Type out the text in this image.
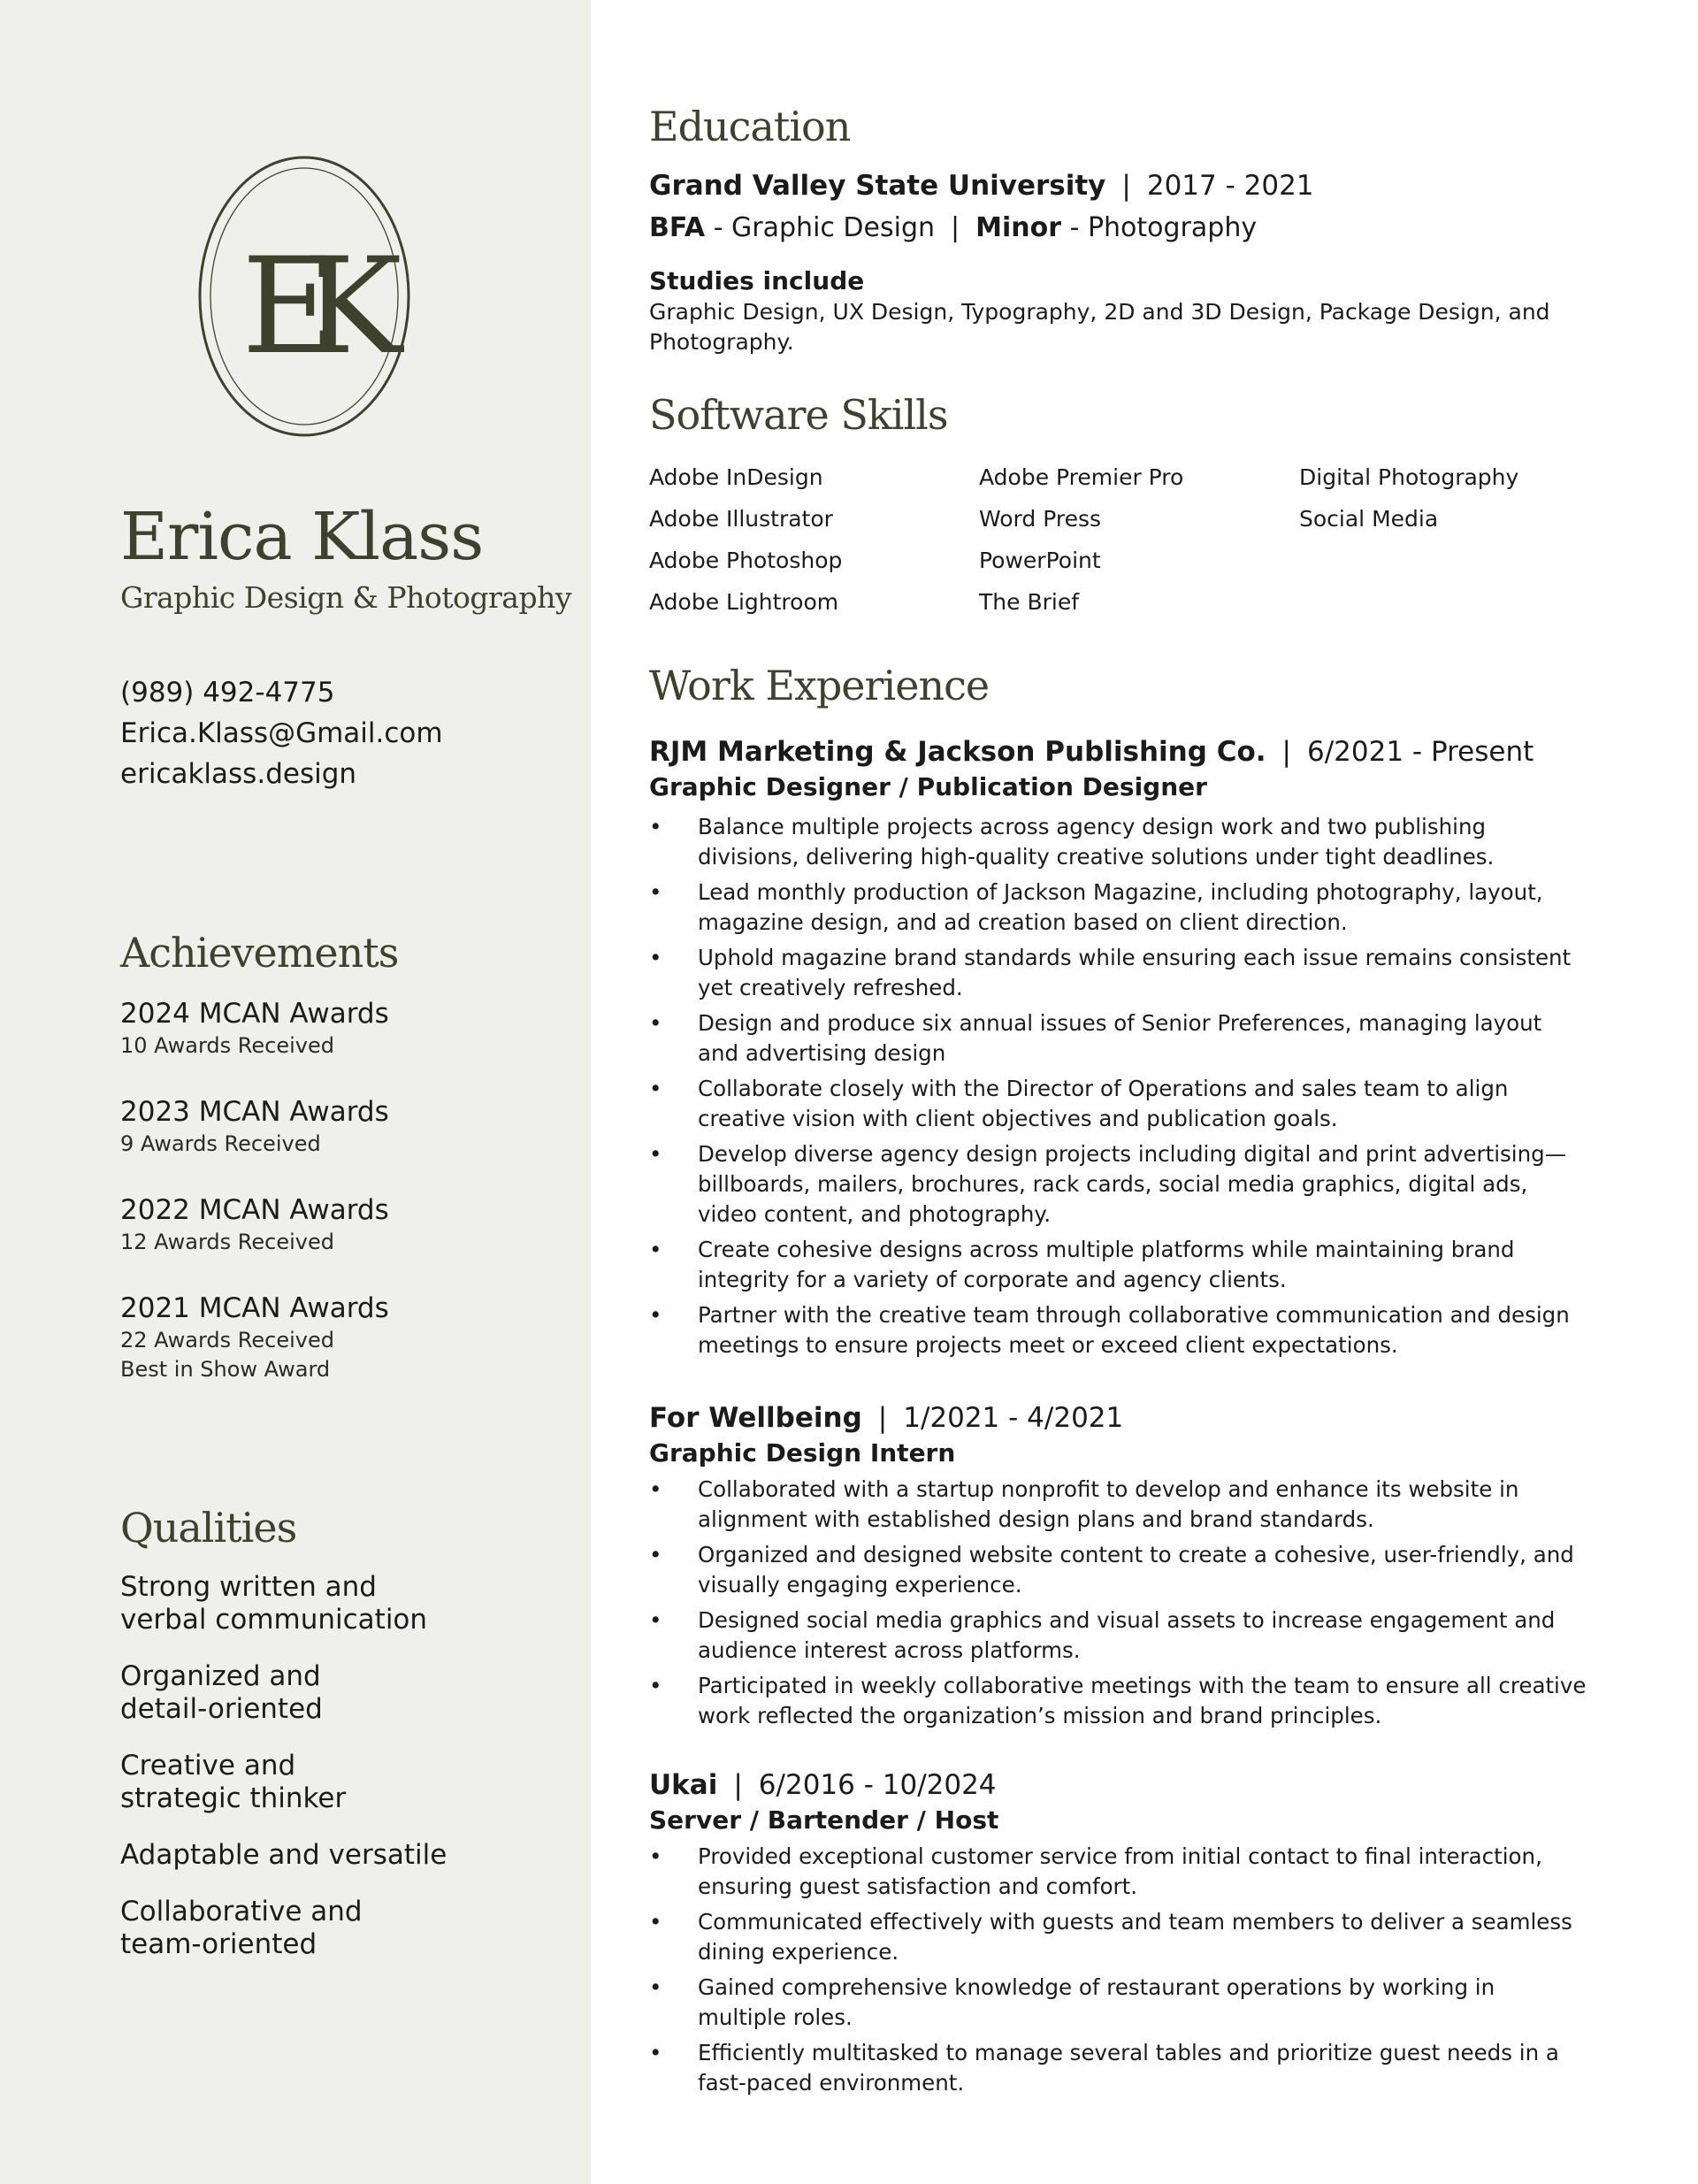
EK
Erica Klass
Graphic Design & Photography
(989) 492-4775
Erica.Klass@Gmail.com
ericaklass.design
Achievements
2024 MCAN Awards
10 Awards Received
2023 MCAN Awards
9 Awards Received
2022 MCAN Awards
12 Awards Received
2021 MCAN Awards
22 Awards Received
Best in Show Award
Qualities
Strong written and
verbal communication
Organized and
detail-oriented
Creative and
strategic thinker
Adaptable and versatile
Collaborative and
team-oriented
Education
Grand Valley State University | 2017 - 2021
BFA - Graphic Design | Minor - Photography
Studies include
Graphic Design, UX Design, Typography, 2D and 3D Design, Package Design, and Photography.
Software Skills
Adobe InDesign	Adobe Premier Pro	Digital Photography
Adobe Illustrator	Word Press	Social Media
Adobe Photoshop	PowerPoint
Adobe Lightroom	The Brief
Work Experience
RJM Marketing & Jackson Publishing Co. | 6/2021 - Present
Graphic Designer / Publication Designer
• Balance multiple projects across agency design work and two publishing divisions, delivering high-quality creative solutions under tight deadlines.
• Lead monthly production of Jackson Magazine, including photography, layout, magazine design, and ad creation based on client direction.
• Uphold magazine brand standards while ensuring each issue remains consistent yet creatively refreshed.
• Design and produce six annual issues of Senior Preferences, managing layout and advertising design
• Collaborate closely with the Director of Operations and sales team to align creative vision with client objectives and publication goals.
• Develop diverse agency design projects including digital and print advertising—billboards, mailers, brochures, rack cards, social media graphics, digital ads, video content, and photography.
• Create cohesive designs across multiple platforms while maintaining brand integrity for a variety of corporate and agency clients.
• Partner with the creative team through collaborative communication and design meetings to ensure projects meet or exceed client expectations.
For Wellbeing | 1/2021 - 4/2021
Graphic Design Intern
• Collaborated with a startup nonprofit to develop and enhance its website in alignment with established design plans and brand standards.
• Organized and designed website content to create a cohesive, user-friendly, and visually engaging experience.
• Designed social media graphics and visual assets to increase engagement and audience interest across platforms.
• Participated in weekly collaborative meetings with the team to ensure all creative work reflected the organization’s mission and brand principles.
Ukai | 6/2016 - 10/2024
Server / Bartender / Host
• Provided exceptional customer service from initial contact to final interaction, ensuring guest satisfaction and comfort.
• Communicated effectively with guests and team members to deliver a seamless dining experience.
• Gained comprehensive knowledge of restaurant operations by working in multiple roles.
• Efficiently multitasked to manage several tables and prioritize guest needs in a fast-paced environment.
